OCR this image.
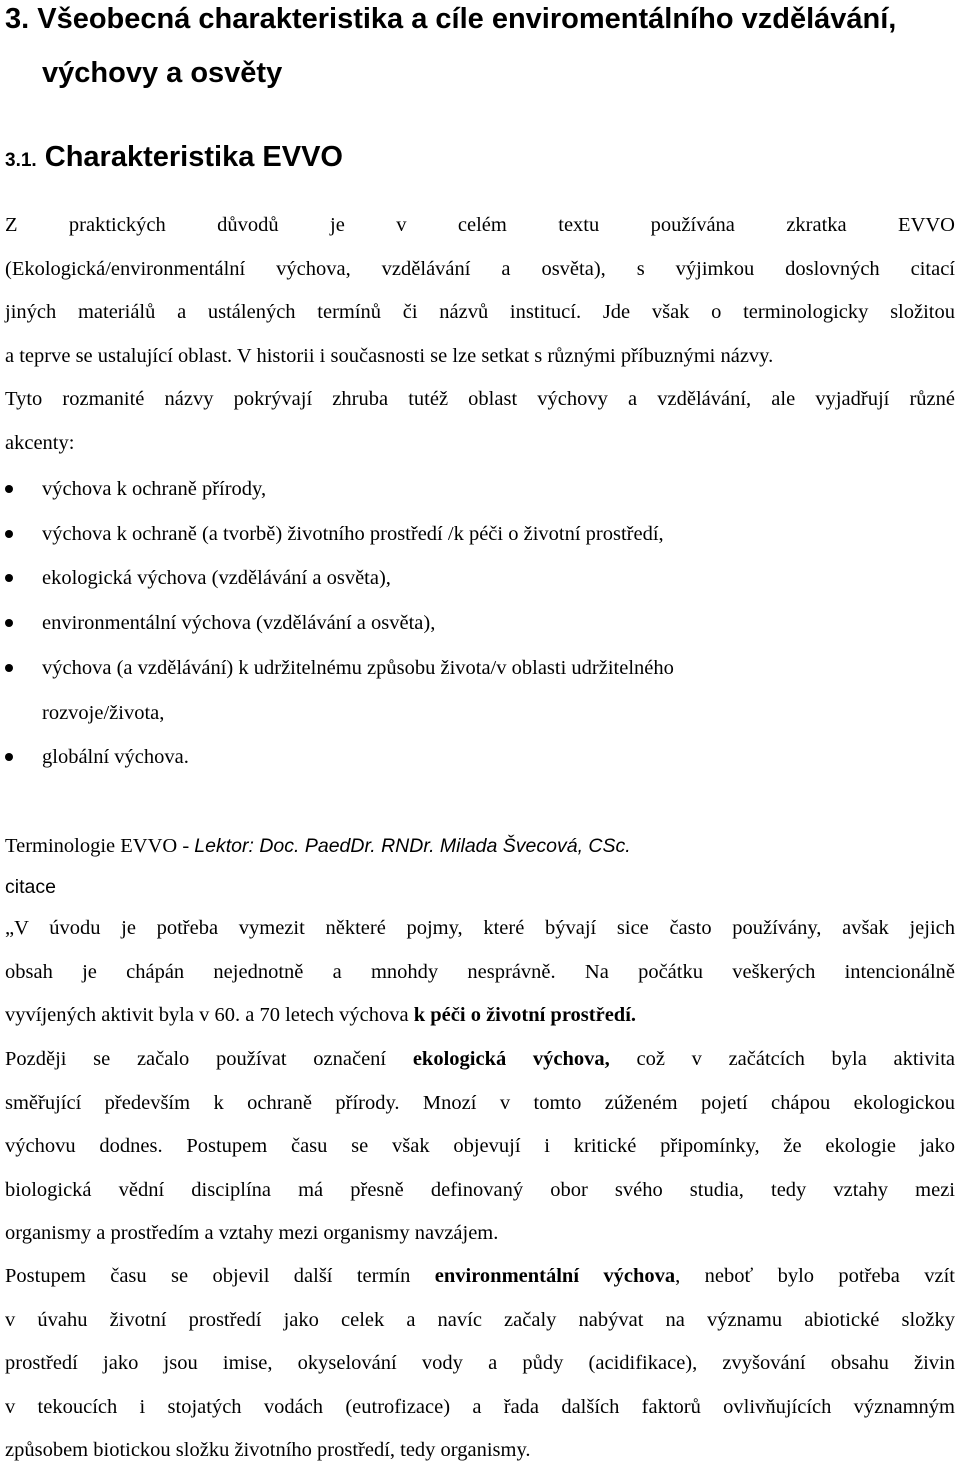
3. Všeobecná charakteristika a cíle enviromentálního vzdělávání,
výchovy a osvěty
3.1. Charakteristika EVVO
Z praktických důvodů je v celém textu používána zkratka EVVO
(Ekologická/environmentální výchova, vzdělávání a osvěta), s výjimkou doslovných citací
jiných materiálů a ustálených termínů či názvů institucí. Jde však o terminologicky složitou
a teprve se ustalující oblast. V historii i současnosti se lze setkat s různými příbuznými názvy.
Tyto rozmanité názvy pokrývají zhruba tutéž oblast výchovy a vzdělávání, ale vyjadřují různé
akcenty:
výchova k ochraně přírody,
výchova k ochraně (a tvorbě) životního prostředí /k péči o životní prostředí,
ekologická výchova (vzdělávání a osvěta),
environmentální výchova (vzdělávání a osvěta),
výchova (a vzdělávání) k udržitelnému způsobu života/v oblasti udržitelného
rozvoje/života,
globální výchova.
Terminologie EVVO - Lektor: Doc. PaedDr. RNDr. Milada Švecová, CSc.
citace
„V úvodu je potřeba vymezit některé pojmy, které bývají sice často používány, avšak jejich
obsah je chápán nejednotně a mnohdy nesprávně. Na počátku veškerých intencionálně
vyvíjených aktivit byla v 60. a 70 letech výchova k péči o životní prostředí.
Později se začalo používat označení ekologická výchova, což v začátcích byla aktivita
směřující především k ochraně přírody. Mnozí v tomto zúženém pojetí chápou ekologickou
výchovu dodnes. Postupem času se však objevují i kritické připomínky, že ekologie jako
biologická vědní disciplína má přesně definovaný obor svého studia, tedy vztahy mezi
organismy a prostředím a vztahy mezi organismy navzájem.
Postupem času se objevil další termín environmentální výchova, neboť bylo potřeba vzít
v úvahu životní prostředí jako celek a navíc začaly nabývat na významu abiotické složky
prostředí jako jsou imise, okyselování vody a půdy (acidifikace), zvyšování obsahu živin
v tekoucích i stojatých vodách (eutrofizace) a řada dalších faktorů ovlivňujících významným
způsobem biotickou složku životního prostředí, tedy organismy.
